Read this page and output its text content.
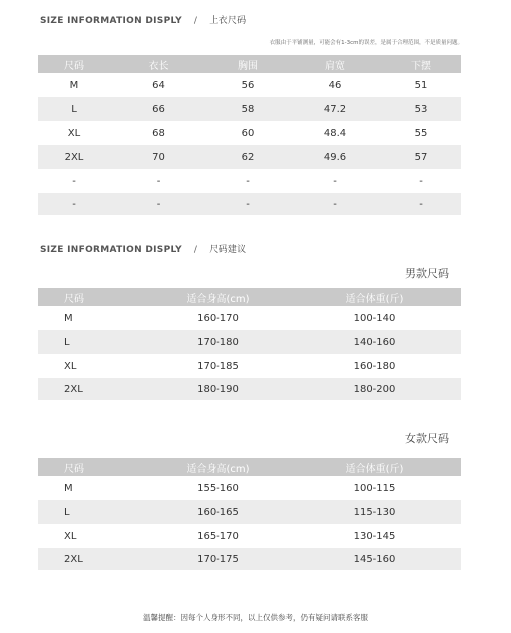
SIZE INFORMATION DISPLY / 上衣尺码
衣服由于平铺测量，可能会有1-3cm的误差，是属于合理范围，不是质量问题。
尺码	衣长	胸围	肩宽	下摆
M	64	56	46	51
L	66	58	47.2	53
XL	68	60	48.4	55
2XL	70	62	49.6	57
-	-	-	-	-
-	-	-	-	-
SIZE INFORMATION DISPLY / 尺码建议
男款尺码
尺码	适合身高(cm)	适合体重(斤)
M	160-170	100-140
L	170-180	140-160
XL	170-185	160-180
2XL	180-190	180-200
女款尺码
尺码	适合身高(cm)	适合体重(斤)
M	155-160	100-115
L	160-165	115-130
XL	165-170	130-145
2XL	170-175	145-160
温馨提醒：因每个人身形不同，以上仅供参考，仍有疑问请联系客服
